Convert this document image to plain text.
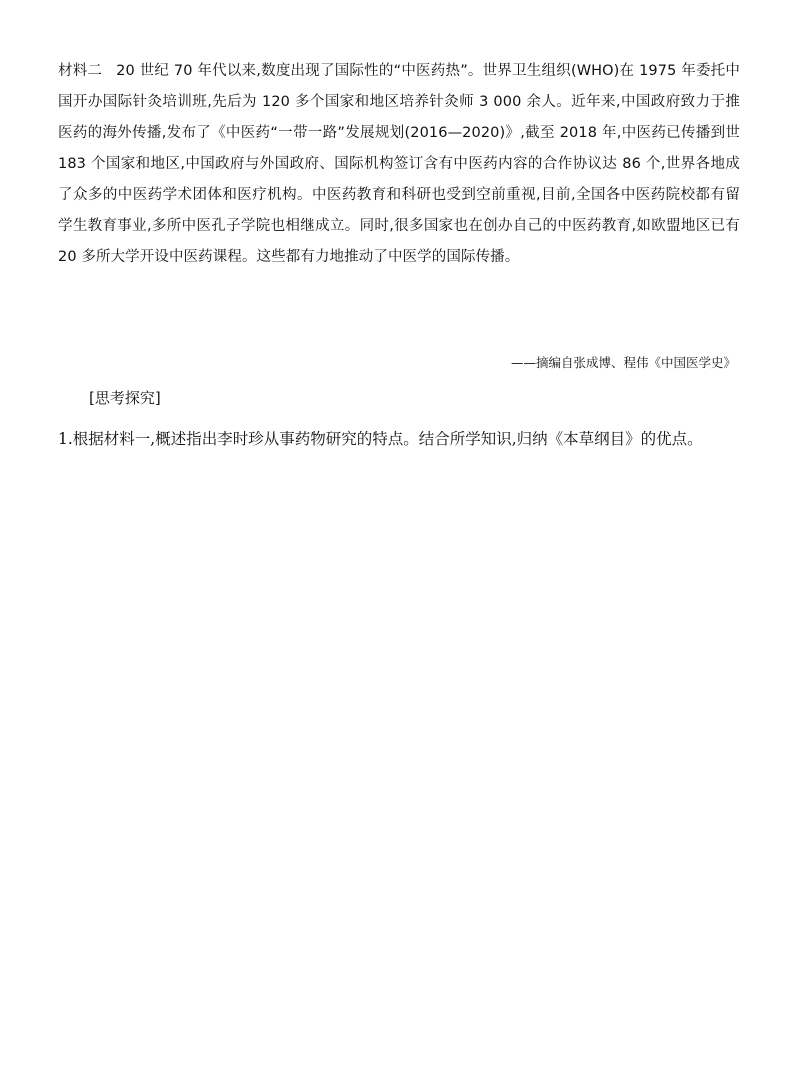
材料二 20 世纪 70 年代以来,数度出现了国际性的“中医药热”。世界卫生组织(WHO)在 1975 年委托中
国开办国际针灸培训班,先后为 120 多个国家和地区培养针灸师 3 000 余人。近年来,中国政府致力于推
医药的海外传播,发布了《中医药“一带一路”发展规划(2016—2020)》,截至 2018 年,中医药已传播到世
183 个国家和地区,中国政府与外国政府、国际机构签订含有中医药内容的合作协议达 86 个,世界各地成
了众多的中医药学术团体和医疗机构。中医药教育和科研也受到空前重视,目前,全国各中医药院校都有留
学生教育事业,多所中医孔子学院也相继成立。同时,很多国家也在创办自己的中医药教育,如欧盟地区已有
20 多所大学开设中医药课程。这些都有力地推动了中医学的国际传播。
——摘编自张成博、程伟《中国医学史》
[思考探究]
1.根据材料一,概述指出李时珍从事药物研究的特点。结合所学知识,归纳《本草纲目》的优点。
